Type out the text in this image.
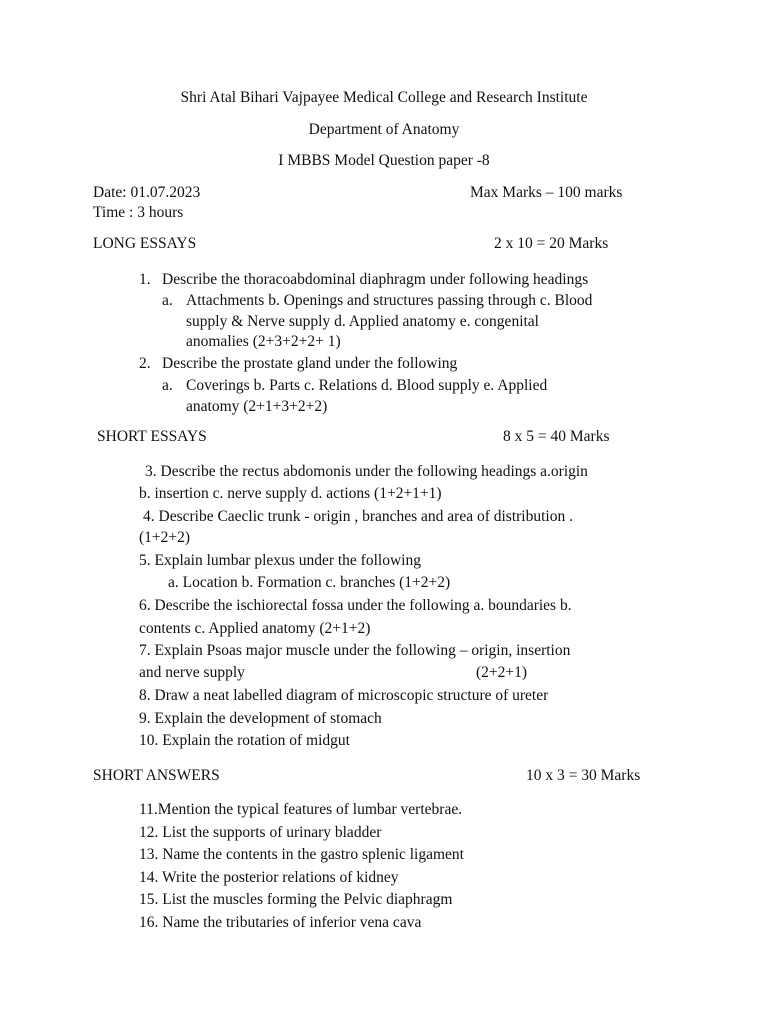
Shri Atal Bihari Vajpayee Medical College and Research Institute
Department of Anatomy
I MBBS Model Question paper -8
Date: 01.07.2023	Max Marks – 100 marks
Time : 3 hours
LONG ESSAYS	2 x 10 = 20 Marks
1. Describe the thoracoabdominal diaphragm under following headings
a. Attachments b. Openings and structures passing through c. Blood
supply & Nerve supply d. Applied anatomy e. congenital
anomalies (2+3+2+2+ 1)
2. Describe the prostate gland under the following
a. Coverings b. Parts c. Relations d. Blood supply e. Applied
anatomy (2+1+3+2+2)
SHORT ESSAYS	8 x 5 = 40 Marks
3. Describe the rectus abdomonis under the following headings a.origin
b. insertion c. nerve supply d. actions (1+2+1+1)
4. Describe Caeclic trunk - origin , branches and area of distribution .
(1+2+2)
5. Explain lumbar plexus under the following
a. Location b. Formation c. branches (1+2+2)
6. Describe the ischiorectal fossa under the following a. boundaries b.
contents c. Applied anatomy (2+1+2)
7. Explain Psoas major muscle under the following – origin, insertion
and nerve supply	(2+2+1)
8. Draw a neat labelled diagram of microscopic structure of ureter
9. Explain the development of stomach
10. Explain the rotation of midgut
SHORT ANSWERS	10 x 3 = 30 Marks
11.Mention the typical features of lumbar vertebrae.
12. List the supports of urinary bladder
13. Name the contents in the gastro splenic ligament
14. Write the posterior relations of kidney
15. List the muscles forming the Pelvic diaphragm
16. Name the tributaries of inferior vena cava
